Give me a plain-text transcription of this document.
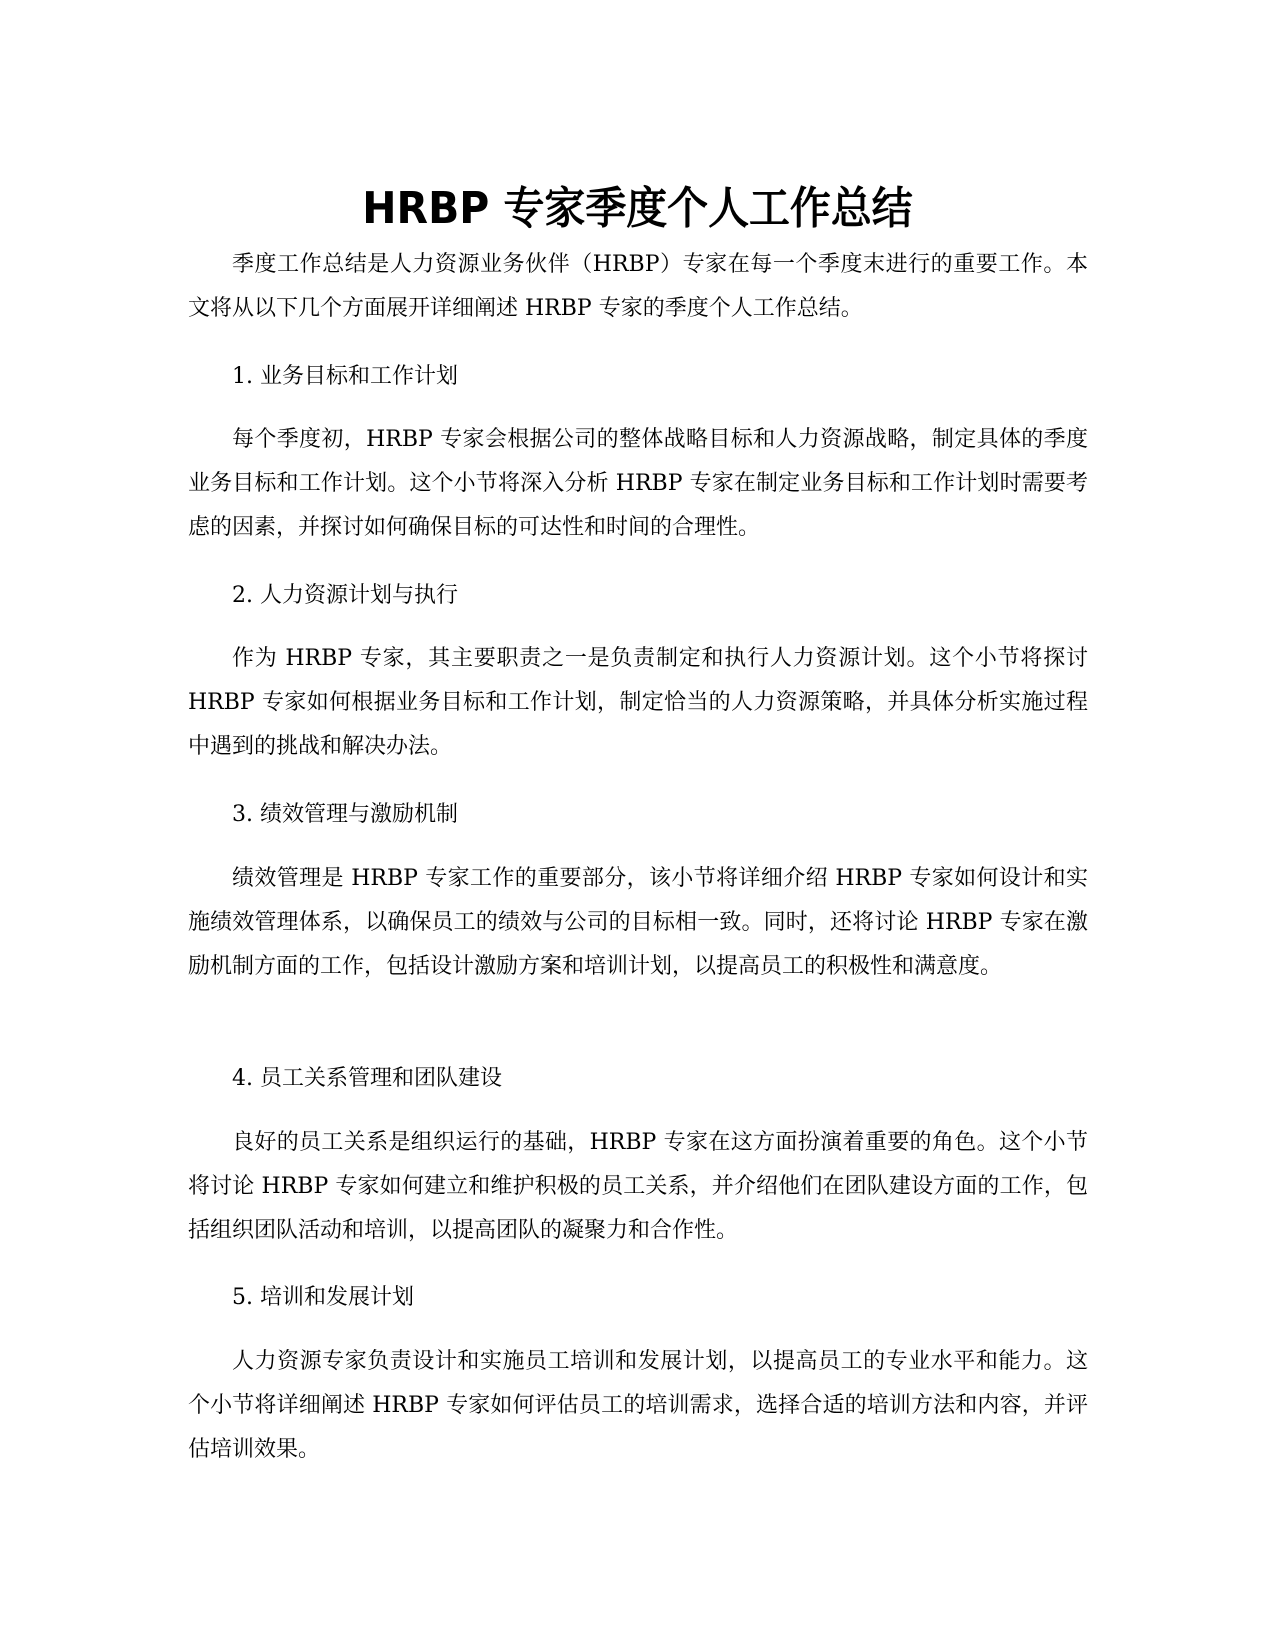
HRBP 专家季度个人工作总结

季度工作总结是人力资源业务伙伴（HRBP）专家在每一个季度末进行的重要工作。本文将从以下几个方面展开详细阐述 HRBP 专家的季度个人工作总结。

1. 业务目标和工作计划

每个季度初，HRBP 专家会根据公司的整体战略目标和人力资源战略，制定具体的季度业务目标和工作计划。这个小节将深入分析 HRBP 专家在制定业务目标和工作计划时需要考虑的因素，并探讨如何确保目标的可达性和时间的合理性。

2. 人力资源计划与执行

作为 HRBP 专家，其主要职责之一是负责制定和执行人力资源计划。这个小节将探讨 HRBP 专家如何根据业务目标和工作计划，制定恰当的人力资源策略，并具体分析实施过程中遇到的挑战和解决办法。

3. 绩效管理与激励机制

绩效管理是 HRBP 专家工作的重要部分，该小节将详细介绍 HRBP 专家如何设计和实施绩效管理体系，以确保员工的绩效与公司的目标相一致。同时，还将讨论 HRBP 专家在激励机制方面的工作，包括设计激励方案和培训计划，以提高员工的积极性和满意度。

4. 员工关系管理和团队建设

良好的员工关系是组织运行的基础，HRBP 专家在这方面扮演着重要的角色。这个小节将讨论 HRBP 专家如何建立和维护积极的员工关系，并介绍他们在团队建设方面的工作，包括组织团队活动和培训，以提高团队的凝聚力和合作性。

5. 培训和发展计划

人力资源专家负责设计和实施员工培训和发展计划，以提高员工的专业水平和能力。这个小节将详细阐述 HRBP 专家如何评估员工的培训需求，选择合适的培训方法和内容，并评估培训效果。
